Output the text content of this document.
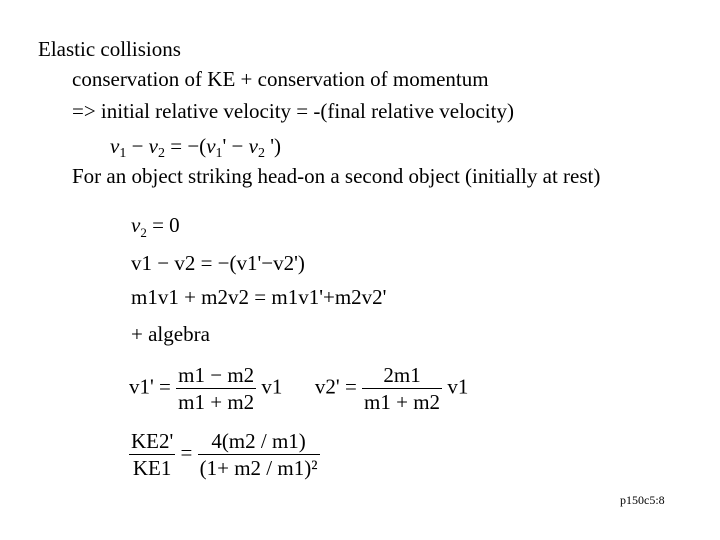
Elastic collisions
conservation of KE + conservation of momentum
=> initial relative velocity = -(final relative velocity)
$v_1 - v_2 = -(v_1' - v_2$ ')
For an object striking head-on a second object (initially at rest)
$v_2 = 0$
v1 − v2 = −(v1'−v2')
m1v1 + m2v2 = m1v1'+m2v2'
+ algebra
$v1' = \frac{m1 - m2}{m1 + m2} v1$ $v2' = \frac{2m1}{m1 + m2} v1$
$\frac{KE2'}{KE1} = \frac{4(m2 / m1)}{\text{(1+ m2 / m1)²}}$
p150c5:8
